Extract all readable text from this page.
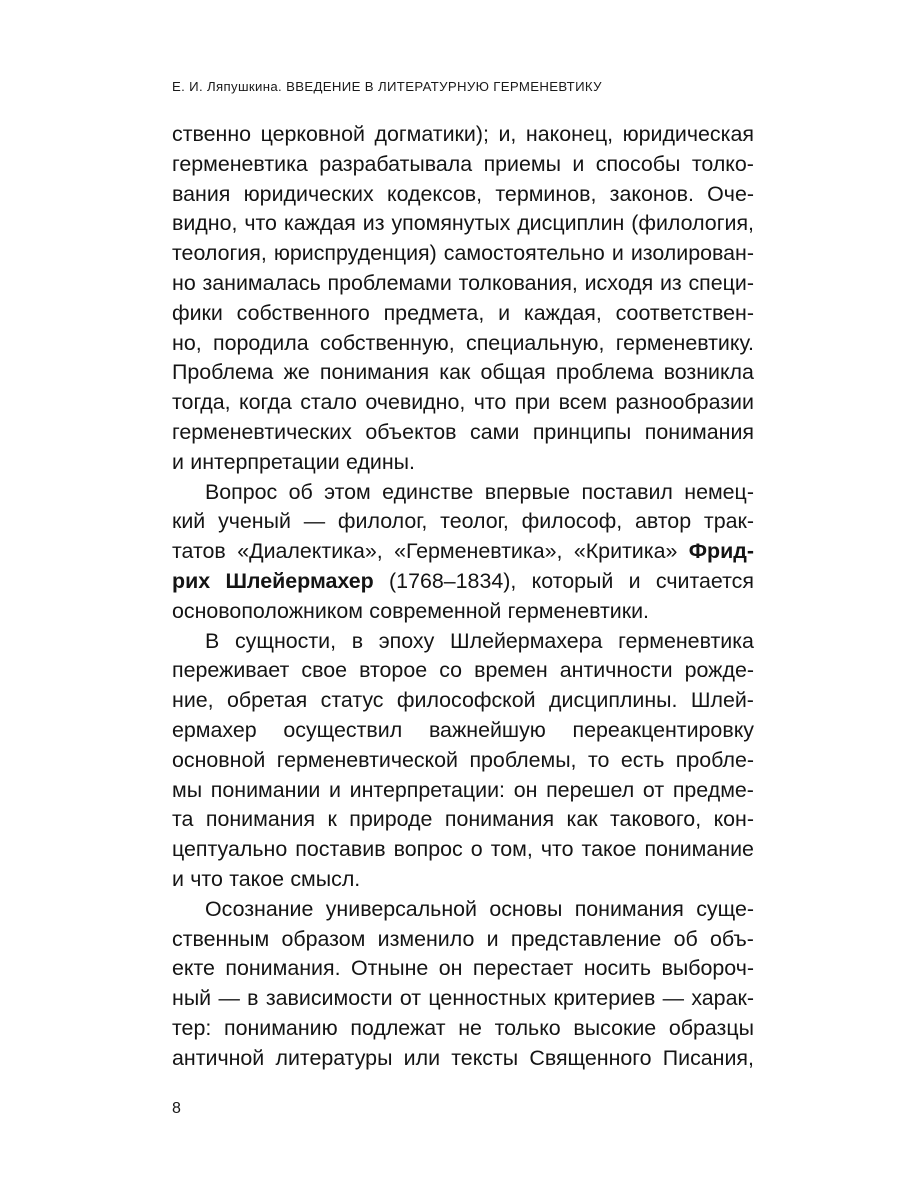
Е. И. Ляпушкина. ВВЕДЕНИЕ В ЛИТЕРАТУРНУЮ ГЕРМЕНЕВТИКУ

ственно церковной догматики); и, наконец, юридическая
герменевтика разрабатывала приемы и способы толко-
вания юридических кодексов, терминов, законов. Оче-
видно, что каждая из упомянутых дисциплин (филология,
теология, юриспруденция) самостоятельно и изолирован-
но занималась проблемами толкования, исходя из специ-
фики собственного предмета, и каждая, соответствен-
но, породила собственную, специальную, герменевтику.
Проблема же понимания как общая проблема возникла
тогда, когда стало очевидно, что при всем разнообразии
герменевтических объектов сами принципы понимания
и интерпретации едины.

Вопрос об этом единстве впервые поставил немец-
кий ученый — филолог, теолог, философ, автор трак-
татов «Диалектика», «Герменевтика», «Критика» Фрид-
рих Шлейермахер (1768–1834), который и считается
основоположником современной герменевтики.

В сущности, в эпоху Шлейермахера герменевтика
переживает свое второе со времен античности рожде-
ние, обретая статус философской дисциплины. Шлей-
ермахер осуществил важнейшую переакцентировку
основной герменевтической проблемы, то есть пробле-
мы понимании и интерпретации: он перешел от предме-
та понимания к природе понимания как такового, кон-
цептуально поставив вопрос о том, что такое понимание
и что такое смысл.

Осознание универсальной основы понимания суще-
ственным образом изменило и представление об объ-
екте понимания. Отныне он перестает носить выбороч-
ный — в зависимости от ценностных критериев — харак-
тер: пониманию подлежат не только высокие образцы
античной литературы или тексты Священного Писания,

8
